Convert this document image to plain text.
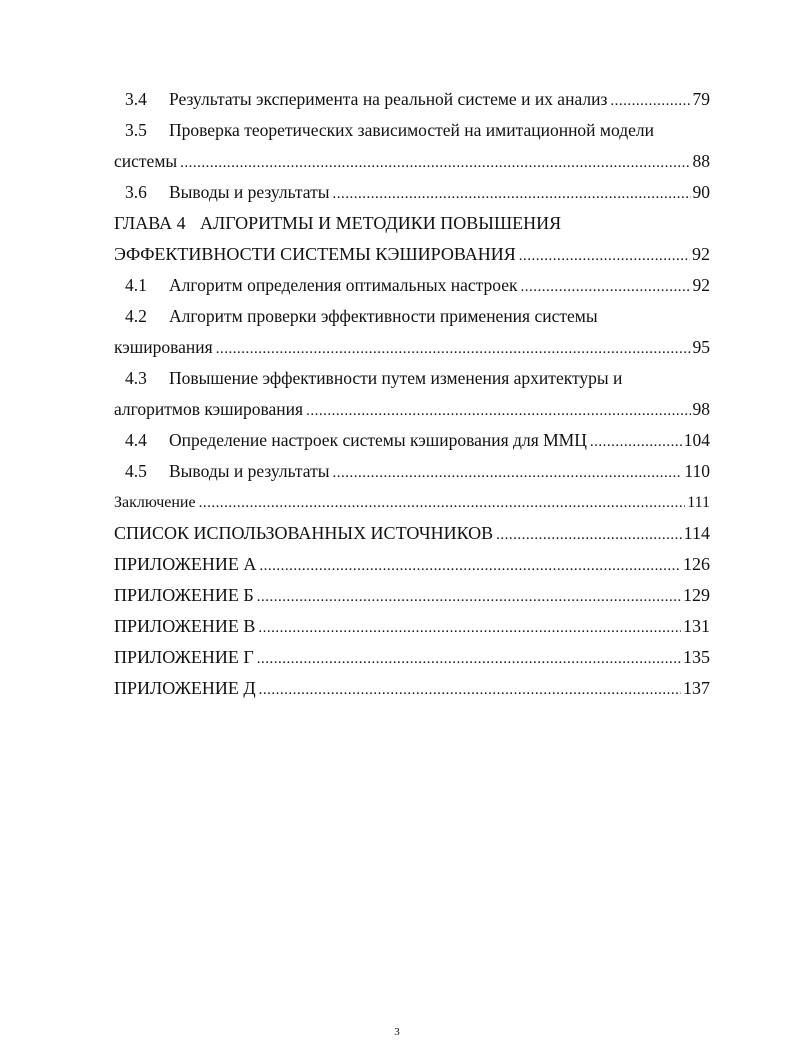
3.4	Результаты эксперимента на реальной системе и их анализ .....	79
3.5	Проверка теоретических зависимостей на имитационной модели
системы .....	88
3.6	Выводы и результаты .....	90
ГЛАВА 4 АЛГОРИТМЫ И МЕТОДИКИ ПОВЫШЕНИЯ
ЭФФЕКТИВНОСТИ СИСТЕМЫ КЭШИРОВАНИЯ .....	92
4.1	Алгоритм определения оптимальных настроек .....	92
4.2	Алгоритм проверки эффективности применения системы
кэширования .....	95
4.3	Повышение эффективности путем изменения архитектуры и
алгоритмов кэширования .....	98
4.4	Определение настроек системы кэширования для ММЦ .....	104
4.5	Выводы и результаты .....	110
Заключение .....	111
СПИСОК ИСПОЛЬЗОВАННЫХ ИСТОЧНИКОВ .....	114
ПРИЛОЖЕНИЕ А .....	126
ПРИЛОЖЕНИЕ Б .....	129
ПРИЛОЖЕНИЕ В .....	131
ПРИЛОЖЕНИЕ Г .....	135
ПРИЛОЖЕНИЕ Д .....	137
3
